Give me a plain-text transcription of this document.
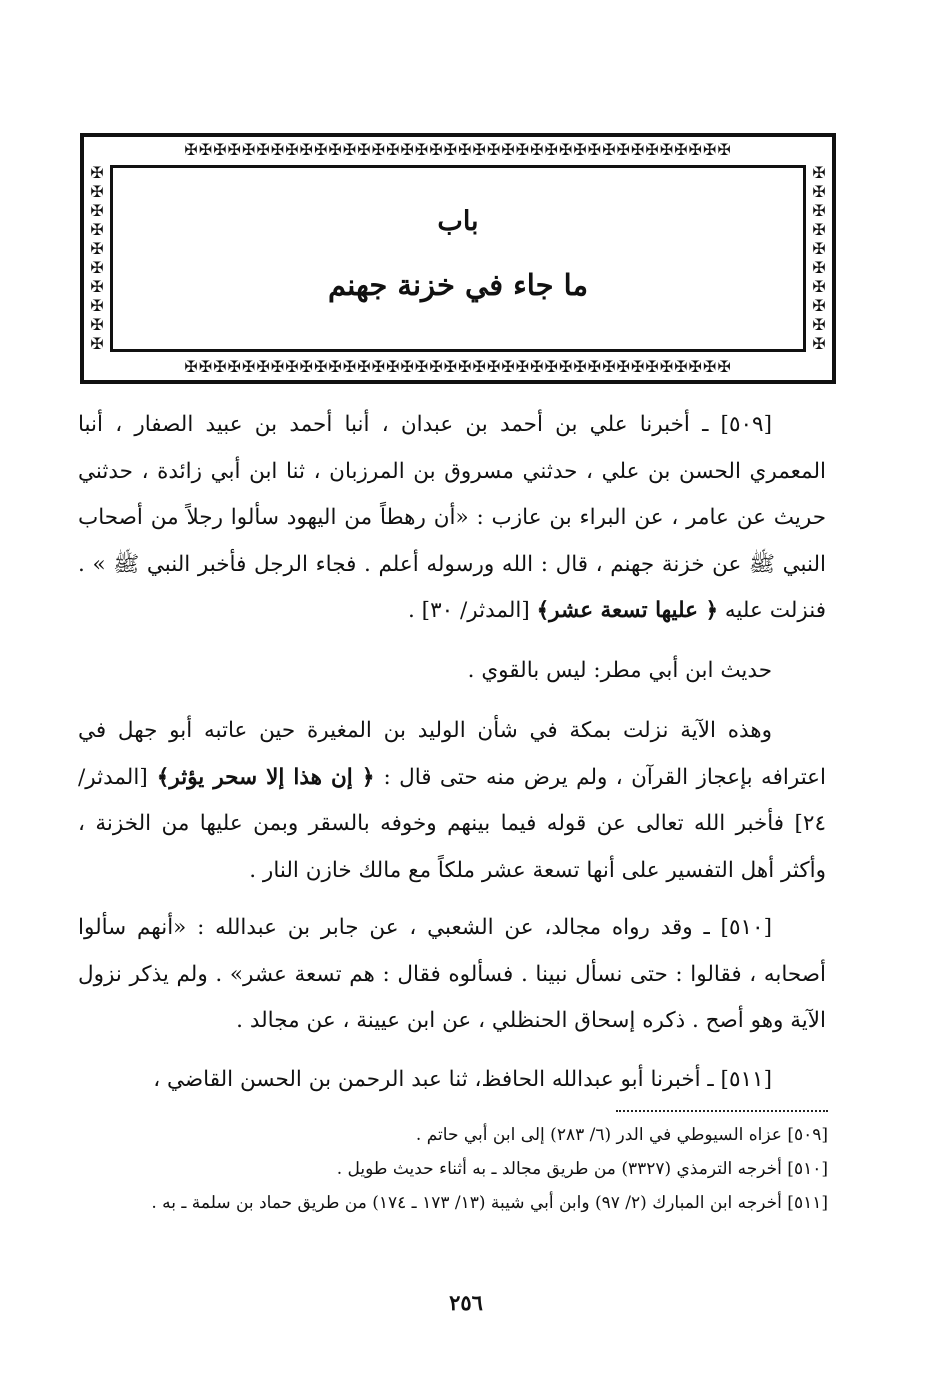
✠✠✠✠✠✠✠✠✠✠✠✠✠✠✠✠✠✠✠✠✠✠✠✠✠✠✠✠✠✠✠✠✠✠✠✠✠✠
✠✠✠✠✠✠✠✠✠✠✠✠✠✠✠✠✠✠✠✠✠✠✠✠✠✠✠✠✠✠✠✠✠✠✠✠✠✠
✠✠✠✠✠✠✠✠✠✠
✠✠✠✠✠✠✠✠✠✠
باب
ما جاء في خزنة جهنم
[٥٠٩] ـ أخبرنا علي بن أحمد بن عبدان ، أنبا أحمد بن عبيد الصفار ، أنبا المعمري الحسن بن علي ، حدثني مسروق بن المرزبان ، ثنا ابن أبي زائدة ، حدثني حريث عن عامر ، عن البراء بن عازب : «أن رهطاً من اليهود سألوا رجلاً من أصحاب النبي ﷺ عن خزنة جهنم ، قال : الله ورسوله أعلم . فجاء الرجل فأخبر النبي ﷺ » . فنزلت عليه ﴿ عليها تسعة عشر﴾ [المدثر/ ٣٠] .
حديث ابن أبي مطر: ليس بالقوي .
وهذه الآية نزلت بمكة في شأن الوليد بن المغيرة حين عاتبه أبو جهل في اعترافه بإعجاز القرآن ، ولم يرض منه حتى قال : ﴿ إن هذا إلا سحر يؤثر﴾ [المدثر/ ٢٤] فأخبر الله تعالى عن قوله فيما بينهم وخوفه بالسقر وبمن عليها من الخزنة ، وأكثر أهل التفسير على أنها تسعة عشر ملكاً مع مالك خازن النار .
[٥١٠] ـ وقد رواه مجالد، عن الشعبي ، عن جابر بن عبدالله : «أنهم سألوا أصحابه ، فقالوا : حتى نسأل نبينا . فسألوه فقال : هم تسعة عشر» . ولم يذكر نزول الآية وهو أصح . ذكره إسحاق الحنظلي ، عن ابن عيينة ، عن مجالد .
[٥١١] ـ أخبرنا أبو عبدالله الحافظ، ثنا عبد الرحمن بن الحسن القاضي ،
[٥٠٩] عزاه السيوطي في الدر (٦/ ٢٨٣) إلى ابن أبي حاتم .
[٥١٠] أخرجه الترمذي (٣٣٢٧) من طريق مجالد ـ به أثناء حديث طويل .
[٥١١] أخرجه ابن المبارك (٢/ ٩٧) وابن أبي شيبة (١٣/ ١٧٣ ـ ١٧٤) من طريق حماد بن سلمة ـ به .
٢٥٦
